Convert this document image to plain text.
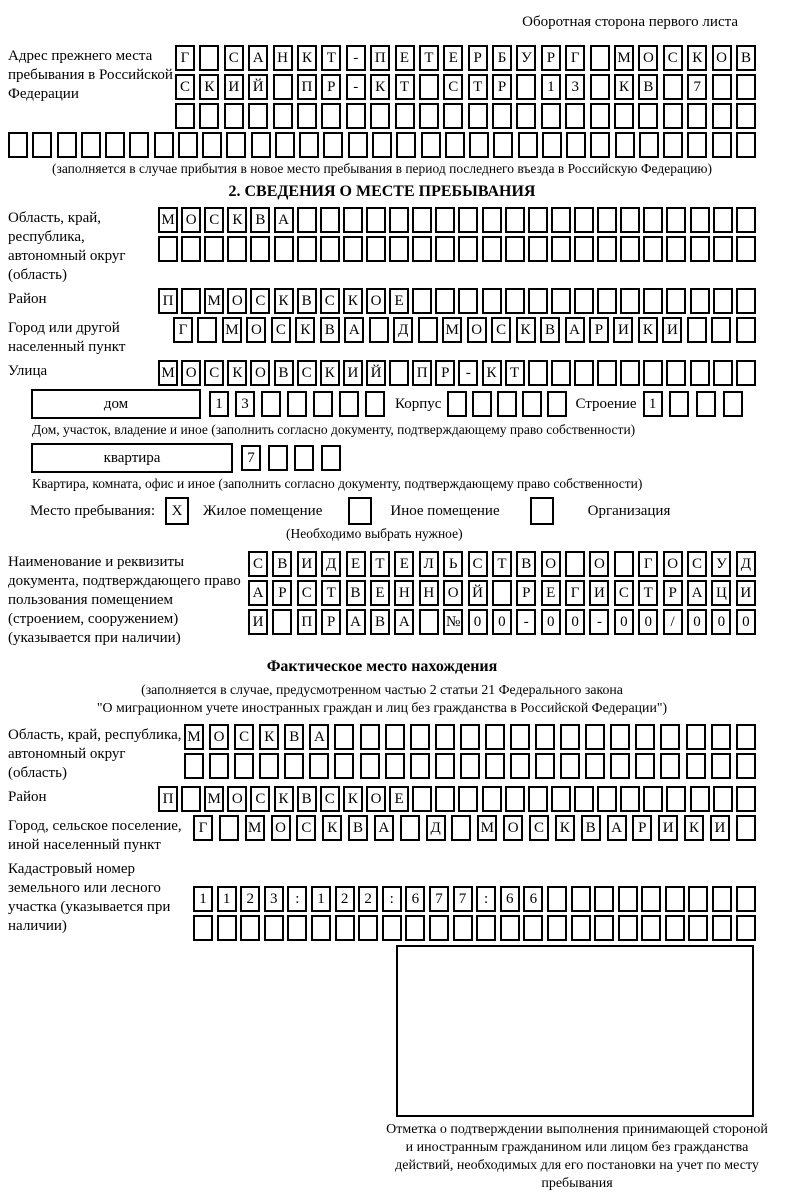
Оборотная сторона первого листа
Адрес прежнего места пребывания в Российской Федерации
Г	С А Н К Т	-	П Е	Т	Е	Р	Б У Р	Г	М О С К О В
С К И Й	П Р	-	К Т	С Т	Р	1	3	К В	7
(заполняется в случае прибытия в новое место пребывания в период последнего въезда в Российскую Федерацию)
2. СВЕДЕНИЯ О МЕСТЕ ПРЕБЫВАНИЯ
Область, край, республика, автономный округ (область)
М О С К В А
Район	П	М О С К В С К О Е
Город или другой населенный пункт
Г	М О С К В А	Д	М О С К В А Р И К И
Улица	М О С К О В С К И Й	П Р	-	К Т
дом	1	3	Корпус	Строение 1
Дом, участок, владение и иное (заполнить согласно документу, подтверждающему право собственности)
квартира	7
Квартира, комната, офис и иное (заполнить согласно документу, подтверждающему право собственности)
Место пребывания:	X	Жилое помещение	Иное помещение	Организация
(Необходимо выбрать нужное)
Наименование и реквизиты документа, подтверждающего право пользования помещением (строением, сооружением) (указывается при наличии)
С В И Д Е	Т	Е Л Ь	С Т В О	О	Г О С У Д
А Р	С Т В Е Н Н О Й	Р	Е	Г И С Т	Р А Ц И
И	П Р А В А	№ 0	0	-	0	0	-	0	0	/	0	0	0
Фактическое место нахождения
(заполняется в случае, предусмотренном частью 2 статьи 21 Федерального закона
"О миграционном учете иностранных граждан и лиц без гражданства в Российской Федерации")
Область, край, республика, автономный округ (область)
М О С	К	В А
Район	П	М О С К В С К О Е
Город, сельское поселение, иной населенный пункт
Г	М О	С	К	В	А	Д	М О	С	К	В	А	Р	И	К	И
Кадастровый номер земельного или лесного участка (указывается при наличии)
1	1	2	3	:	1	2	2	:	6	7	7	:	6	6
Отметка о подтверждении выполнения принимающей стороной и иностранным гражданином или лицом без гражданства действий, необходимых для его постановки на учет по месту пребывания
